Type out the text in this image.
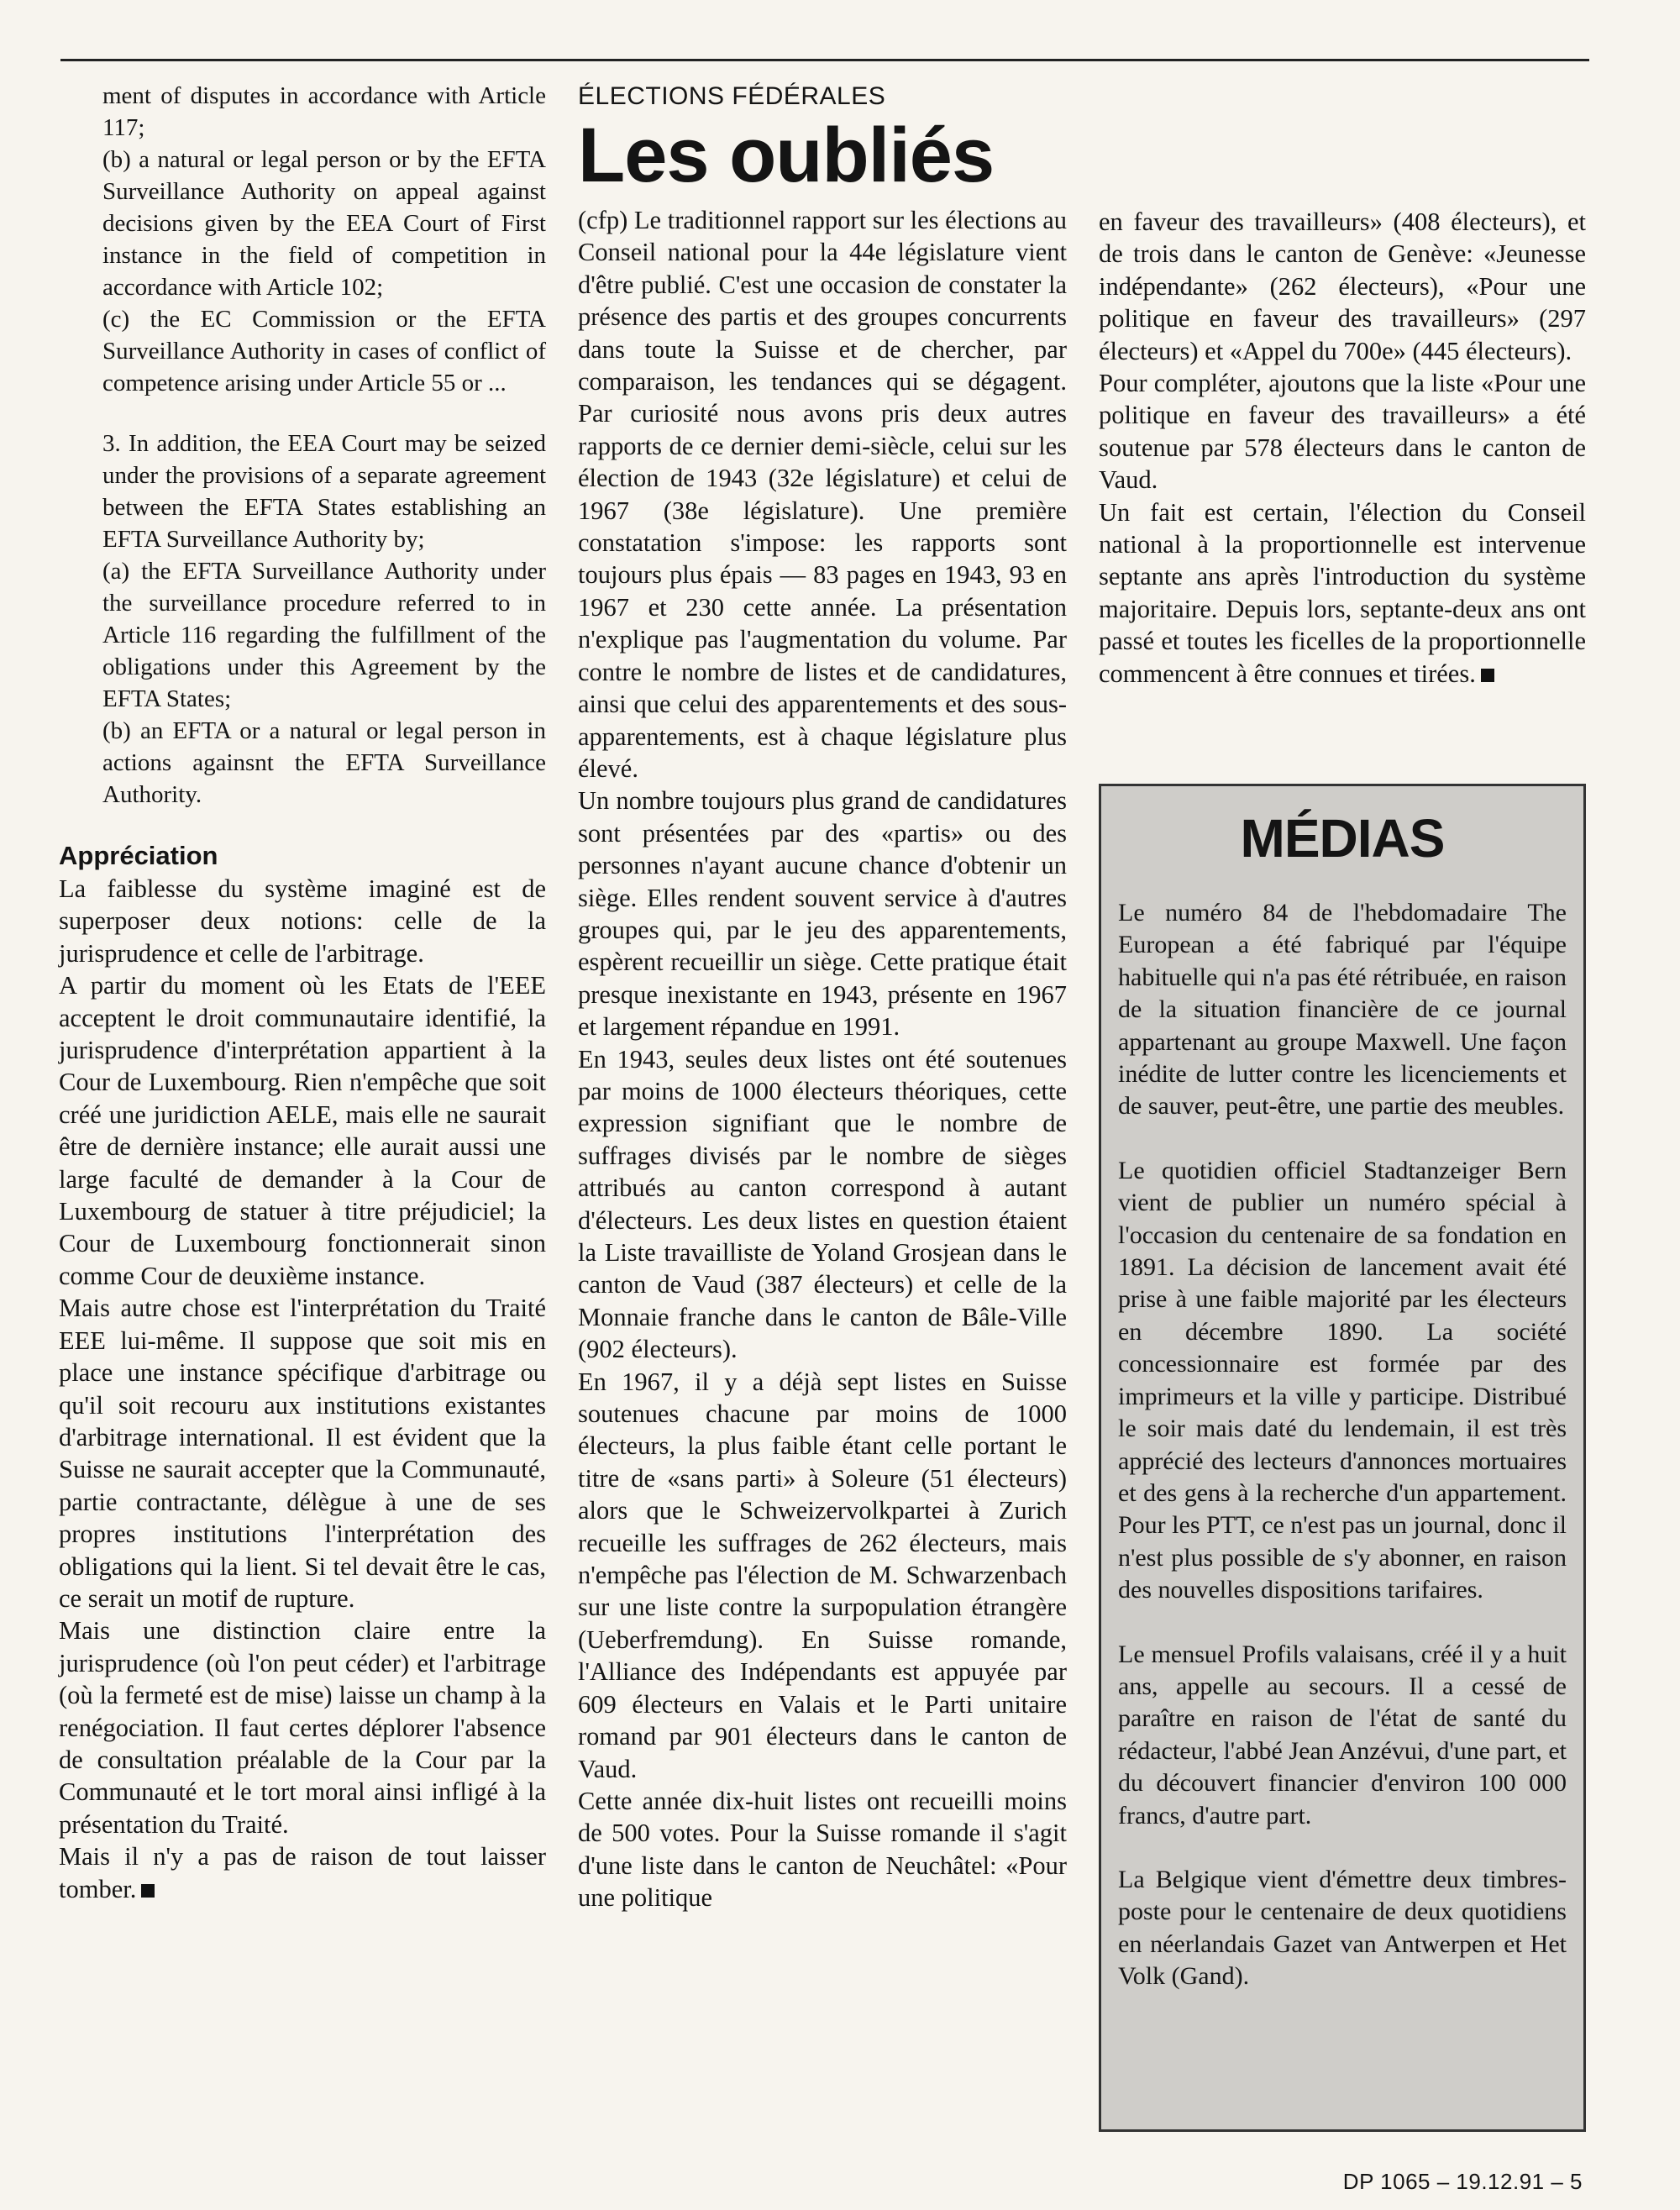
ment of disputes in accordance with Article 117;

(b) a natural or legal person or by the EFTA Surveillance Authority on appeal against decisions given by the EEA Court of First instance in the field of competition in accordance with Article 102;

(c) the EC Commission or the EFTA Surveillance Authority in cases of conflict of competence arising under Article 55 or ...

3. In addition, the EEA Court may be seized under the provisions of a separate agreement between the EFTA States establishing an EFTA Surveillance Authority by;

(a) the EFTA Surveillance Authority under the surveillance procedure referred to in Article 116 regarding the fulfillment of the obligations under this Agreement by the EFTA States;

(b) an EFTA or a natural or legal person in actions againsnt the EFTA Surveillance Authority.

Appréciation

La faiblesse du système imaginé est de superposer deux notions: celle de la jurisprudence et celle de l'arbitrage.

A partir du moment où les Etats de l'EEE acceptent le droit communautaire identifié, la jurisprudence d'interprétation appartient à la Cour de Luxembourg. Rien n'empêche que soit créé une juridiction AELE, mais elle ne saurait être de dernière instance; elle aurait aussi une large faculté de demander à la Cour de Luxembourg de statuer à titre préjudiciel; la Cour de Luxembourg fonctionnerait sinon comme Cour de deuxième instance.

Mais autre chose est l'interprétation du Traité EEE lui-même. Il suppose que soit mis en place une instance spécifique d'arbitrage ou qu'il soit recouru aux institutions existantes d'arbitrage international. Il est évident que la Suisse ne saurait accepter que la Communauté, partie contractante, délègue à une de ses propres institutions l'interprétation des obligations qui la lient. Si tel devait être le cas, ce serait un motif de rupture.

Mais une distinction claire entre la jurisprudence (où l'on peut céder) et l'arbitrage (où la fermeté est de mise) laisse un champ à la renégociation. Il faut certes déplorer l'absence de consultation préalable de la Cour par la Communauté et le tort moral ainsi infligé à la présentation du Traité.

Mais il n'y a pas de raison de tout laisser tomber.

ÉLECTIONS FÉDÉRALES
Les oubliés

(cfp) Le traditionnel rapport sur les élections au Conseil national pour la 44e législature vient d'être publié. C'est une occasion de constater la présence des partis et des groupes concurrents dans toute la Suisse et de chercher, par comparaison, les tendances qui se dégagent. Par curiosité nous avons pris deux autres rapports de ce dernier demi-siècle, celui sur les élection de 1943 (32e législature) et celui de 1967 (38e législature). Une première constatation s'impose: les rapports sont toujours plus épais — 83 pages en 1943, 93 en 1967 et 230 cette année. La présentation n'explique pas l'augmentation du volume. Par contre le nombre de listes et de candidatures, ainsi que celui des apparentements et des sous-apparentements, est à chaque législature plus élevé.

Un nombre toujours plus grand de candidatures sont présentées par des «partis» ou des personnes n'ayant aucune chance d'obtenir un siège. Elles rendent souvent service à d'autres groupes qui, par le jeu des apparentements, espèrent recueillir un siège. Cette pratique était presque inexistante en 1943, présente en 1967 et largement répandue en 1991.

En 1943, seules deux listes ont été soutenues par moins de 1000 électeurs théoriques, cette expression signifiant que le nombre de suffrages divisés par le nombre de sièges attribués au canton correspond à autant d'électeurs. Les deux listes en question étaient la Liste travailliste de Yoland Grosjean dans le canton de Vaud (387 électeurs) et celle de la Monnaie franche dans le canton de Bâle-Ville (902 électeurs).

En 1967, il y a déjà sept listes en Suisse soutenues chacune par moins de 1000 électeurs, la plus faible étant celle portant le titre de «sans parti» à Soleure (51 électeurs) alors que le Schweizervolkpartei à Zurich recueille les suffrages de 262 électeurs, mais n'empêche pas l'élection de M. Schwarzenbach sur une liste contre la surpopulation étrangère (Ueberfremdung). En Suisse romande, l'Alliance des Indépendants est appuyée par 609 électeurs en Valais et le Parti unitaire romand par 901 électeurs dans le canton de Vaud.

Cette année dix-huit listes ont recueilli moins de 500 votes. Pour la Suisse romande il s'agit d'une liste dans le canton de Neuchâtel: «Pour une politique

en faveur des travailleurs» (408 électeurs), et de trois dans le canton de Genève: «Jeunesse indépendante» (262 électeurs), «Pour une politique en faveur des travailleurs» (297 électeurs) et «Appel du 700e» (445 électeurs).

Pour compléter, ajoutons que la liste «Pour une politique en faveur des travailleurs» a été soutenue par 578 électeurs dans le canton de Vaud.

Un fait est certain, l'élection du Conseil national à la proportionnelle est intervenue septante ans après l'introduction du système majoritaire. Depuis lors, septante-deux ans ont passé et toutes les ficelles de la proportionnelle commencent à être connues et tirées.

MÉDIAS

Le numéro 84 de l'hebdomadaire The European a été fabriqué par l'équipe habituelle qui n'a pas été rétribuée, en raison de la situation financière de ce journal appartenant au groupe Maxwell. Une façon inédite de lutter contre les licenciements et de sauver, peut-être, une partie des meubles.

Le quotidien officiel Stadtanzeiger Bern vient de publier un numéro spécial à l'occasion du centenaire de sa fondation en 1891. La décision de lancement avait été prise à une faible majorité par les électeurs en décembre 1890. La société concessionnaire est formée par des imprimeurs et la ville y participe. Distribué le soir mais daté du lendemain, il est très apprécié des lecteurs d'annonces mortuaires et des gens à la recherche d'un appartement. Pour les PTT, ce n'est pas un journal, donc il n'est plus possible de s'y abonner, en raison des nouvelles dispositions tarifaires.

Le mensuel Profils valaisans, créé il y a huit ans, appelle au secours. Il a cessé de paraître en raison de l'état de santé du rédacteur, l'abbé Jean Anzévui, d'une part, et du découvert financier d'environ 100 000 francs, d'autre part.

La Belgique vient d'émettre deux timbres-poste pour le centenaire de deux quotidiens en néerlandais Gazet van Antwerpen et Het Volk (Gand).

DP 1065 – 19.12.91 – 5
